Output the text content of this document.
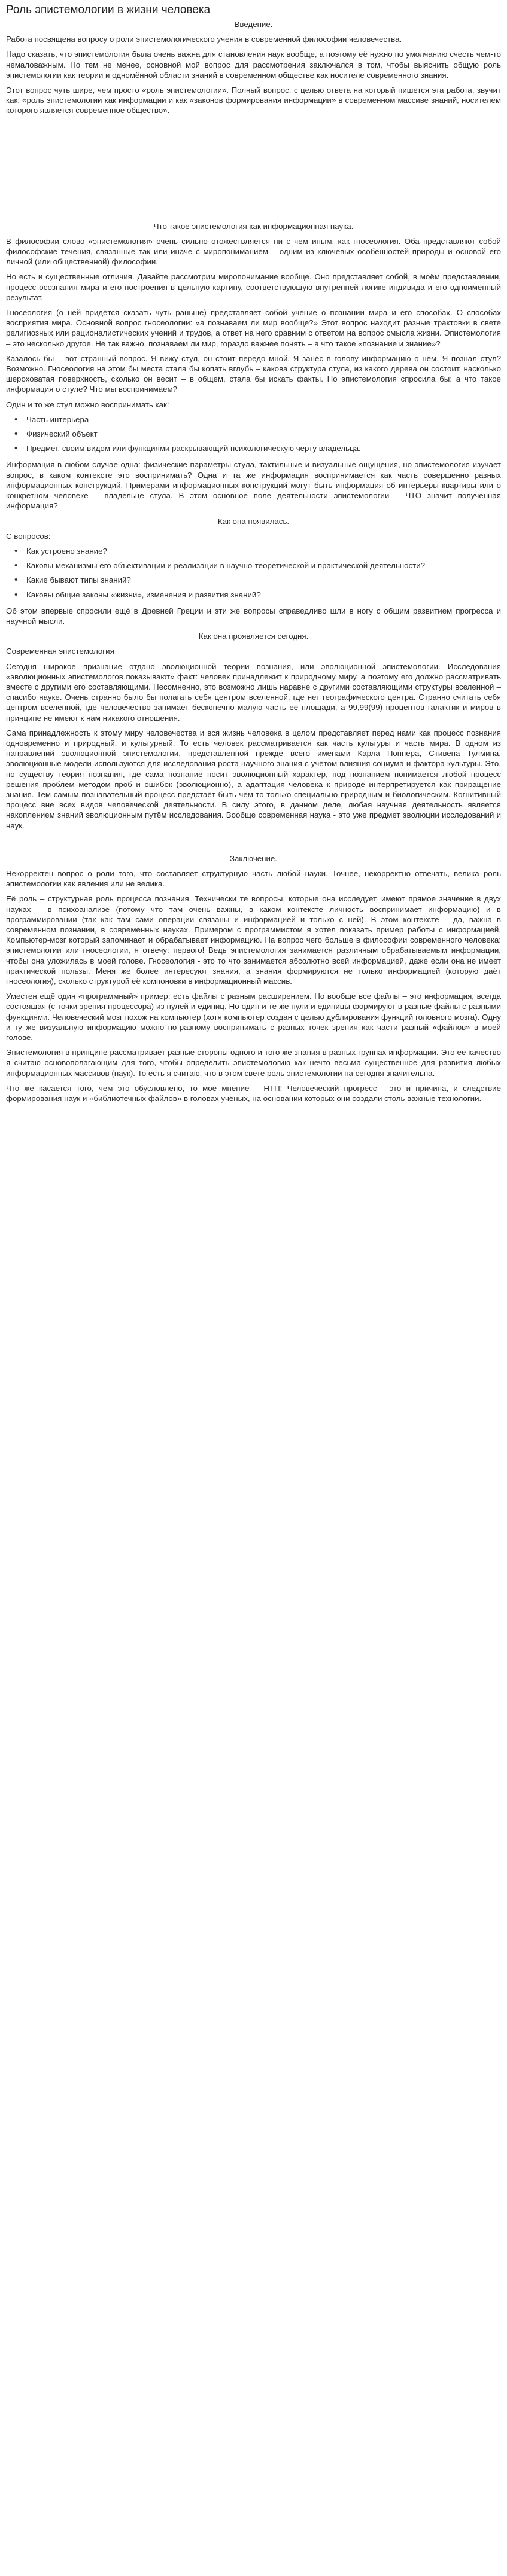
Роль эпистемологии в жизни человека
Введение.

Работа посвящена вопросу о роли эпистемологического учения в современной философии человечества.

Надо сказать, что эпистемология была очень важна для становления наук вообще, а поэтому её нужно по умолчанию счесть чем-то немаловажным. Но тем не менее, основной мой вопрос для рассмотрения заключался в том, чтобы выяснить общую роль эпистемологии как теории и одномённой области знаний в современном обществе как носителе современного знания.

Этот вопрос чуть шире, чем просто «роль эпистемологии». Полный вопрос, с целью ответа на который пишется эта работа, звучит как: «роль эпистемологии как информации и как «законов формирования информации» в современном массиве знаний, носителем которого является современное общество».

Что такое эпистемология как информационная наука.

В философии слово «эпистемология» очень сильно отожествляется ни с чем иным, как гносеология. Оба представляют собой философские течения, связанные так или иначе с миропониманием – одним из ключевых особенностей природы и основой его личной (или общественной) философии.

Но есть и существенные отличия. Давайте рассмотрим миропонимание вообще. Оно представляет собой, в моём представлении, процесс осознания мира и его построения в цельную картину, соответствующую внутренней логике индивида и его одноимённый результат.

Гносеология (о ней придётся сказать чуть раньше) представляет собой учение о познании мира и его способах. О способах восприятия мира. Основной вопрос гносеологии: «а познаваем ли мир вообще?» Этот вопрос находит разные трактовки в свете религиозных или рационалистических учений и трудов, а ответ на него сравним с ответом на вопрос смысла жизни. Эпистемология – это несколько другое. Не так важно, познаваем ли мир, гораздо важнее понять – а что такое «познание и знание»?

Казалось бы – вот странный вопрос. Я вижу стул, он стоит передо мной. Я занёс в голову информацию о нём. Я познал стул? Возможно. Гносеология на этом бы места стала бы копать вглубь – какова структура стула, из какого дерева он состоит, насколько шероховатая поверхность, сколько он весит – в общем, стала бы искать факты. Но эпистемология спросила бы: а что такое информация о стуле? Что мы воспринимаем?

Один и то же стул можно воспринимать как:

• Часть интерьера
• Физический объект
• Предмет, своим видом или функциями раскрывающий психологическую черту владельца.

Информация в любом случае одна: физические параметры стула, тактильные и визуальные ощущения, но эпистемология изучает вопрос, в каком контексте это воспринимать? Одна и та же информация воспринимается как часть совершенно разных информационных конструкций. Примерами информационных конструкций могут быть информация об интерьеры квартиры или о конкретном человеке – владельце стула. В этом основное поле деятельности эпистемологии – ЧТО значит полученная информация?

Как она появилась.

С вопросов:

• Как устроено знание?
• Каковы механизмы его объективации и реализации в научно-теоретической и практической деятельности?
• Какие бывают типы знаний?
• Каковы общие законы «жизни», изменения и развития знаний?

Об этом впервые спросили ещё в Древней Греции и эти же вопросы справедливо шли в ногу с общим развитием прогресса и научной мысли.

Как она проявляется сегодня.
Современная эпистемология

Сегодня широкое признание отдано эволюционной теории познания, или эволюционной эпистемологии. Исследования «эволюционных эпистемологов показывают» факт: человек принадлежит к природному миру, а поэтому его должно рассматривать вместе с другими его составляющими. Несомненно, это возможно лишь наравне с другими составляющими структуры вселенной – спасибо науке. Очень странно было бы полагать себя центром вселенной, где нет географического центра. Странно считать себя центром вселенной, где человечество занимает бесконечно малую часть её площади, а 99,99(99) процентов галактик и миров в принципе не имеют к нам никакого отношения.

Сама принадлежность к этому миру человечества и вся жизнь человека в целом представляет перед нами как процесс познания одновременно и природный, и культурный. То есть человек рассматривается как часть культуры и часть мира. В одном из направлений эволюционной эпистемологии, представленной прежде всего именами Карла Поппера, Стивена Тулмина, эволюционные модели используются для исследования роста научного знания с учётом влияния социума и фактора культуры. Это, по существу теория познания, где сама познание носит эволюционный характер, под познанием понимается любой процесс решения проблем методом проб и ошибок (эволюционно), а адаптация человека к природе интерпретируется как приращение знания. Тем самым познавательный процесс предстаёт быть чем-то только специально природным и биологическим. Когнитивный процесс вне всех видов человеческой деятельности. В силу этого, в данном деле, любая научная деятельность является накоплением знаний эволюционным путём исследования. Вообще современная наука - это уже предмет эволюции исследований и наук.

Заключение.

Некорректен вопрос о роли того, что составляет структурную часть любой науки. Точнее, некорректно отвечать, велика роль эпистемологии как явления или не велика.

Её роль – структурная роль процесса познания. Технически те вопросы, которые она исследует, имеют прямое значение в двух науках – в психоанализе (потому что там очень важны, в каком контексте личность воспринимает информацию) и в программировании (так как там сами операции связаны и информацией и только с ней). В этом контексте – да, важна в современном познании, в современных науках. Примером с программистом я хотел показать пример работы с информацией. Компьютер-мозг который запоминает и обрабатывает информацию. На вопрос чего больше в философии современного человека: эпистемологии или гносеологии, я отвечу: первого! Ведь эпистемология занимается различным обрабатываемым информации, чтобы она уложилась в моей голове. Гносеология - это то что занимается абсолютно всей информацией, даже если она не имеет практической пользы. Меня же более интересуют знания, а знания формируются не только информацией (которую даёт гносеология), сколько структурой её компоновки в информационный массив.

Уместен ещё один «программный» пример: есть файлы с разным расширением. Но вообще все файлы – это информация, всегда состоящая (с точки зрения процессора) из нулей и единиц. Но один и те же нули и единицы формируют в разные файлы с разными функциями. Человеческий мозг похож на компьютер (хотя компьютер создан с целью дублирования функций головного мозга). Одну и ту же визуальную информацию можно по-разному воспринимать с разных точек зрения как части разный «файлов» в моей голове.

Эпистемология в принципе рассматривает разные стороны одного и того же знания в разных группах информации. Это её качество я считаю основополагающим для того, чтобы определить эпистемологию как нечто весьма существенное для развития любых информационных массивов (наук). То есть я считаю, что в этом свете роль эпистемологии на сегодня значительна.

Что же касается того, чем это обусловлено, то моё мнение – НТП! Человеческий прогресс - это и причина, и следствие формирования наук и «библиотечных файлов» в головах учёных, на основании которых они создали столь важные технологии.
